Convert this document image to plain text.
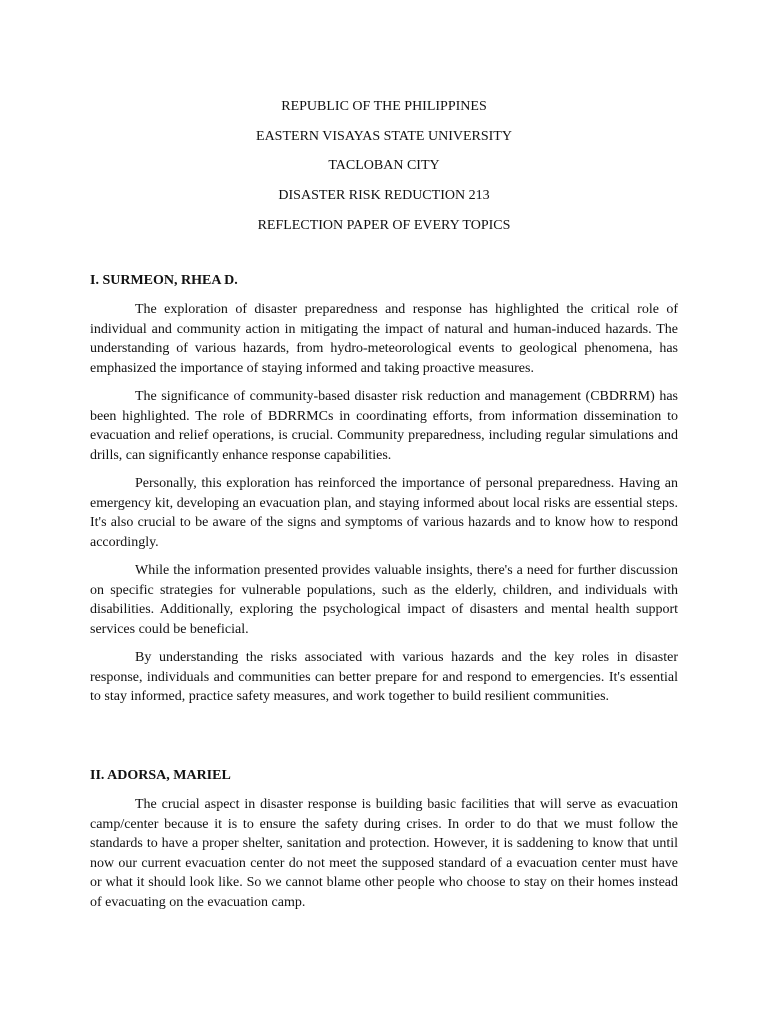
REPUBLIC OF THE PHILIPPINES

EASTERN VISAYAS STATE UNIVERSITY

TACLOBAN CITY

DISASTER RISK REDUCTION 213

REFLECTION PAPER OF EVERY TOPICS

I. SURMEON, RHEA D.

The exploration of disaster preparedness and response has highlighted the critical role of individual and community action in mitigating the impact of natural and human-induced hazards. The understanding of various hazards, from hydro-meteorological events to geological phenomena, has emphasized the importance of staying informed and taking proactive measures.

The significance of community-based disaster risk reduction and management (CBDRRM) has been highlighted. The role of BDRRMCs in coordinating efforts, from information dissemination to evacuation and relief operations, is crucial. Community preparedness, including regular simulations and drills, can significantly enhance response capabilities.

Personally, this exploration has reinforced the importance of personal preparedness. Having an emergency kit, developing an evacuation plan, and staying informed about local risks are essential steps. It's also crucial to be aware of the signs and symptoms of various hazards and to know how to respond accordingly.

While the information presented provides valuable insights, there's a need for further discussion on specific strategies for vulnerable populations, such as the elderly, children, and individuals with disabilities. Additionally, exploring the psychological impact of disasters and mental health support services could be beneficial.

By understanding the risks associated with various hazards and the key roles in disaster response, individuals and communities can better prepare for and respond to emergencies. It's essential to stay informed, practice safety measures, and work together to build resilient communities.

II. ADORSA, MARIEL

The crucial aspect in disaster response is building basic facilities that will serve as evacuation camp/center because it is to ensure the safety during crises. In order to do that we must follow the standards to have a proper shelter, sanitation and protection. However, it is saddening to know that until now our current evacuation center do not meet the supposed standard of a evacuation center must have or what it should look like. So we cannot blame other people who choose to stay on their homes instead of evacuating on the evacuation camp.
